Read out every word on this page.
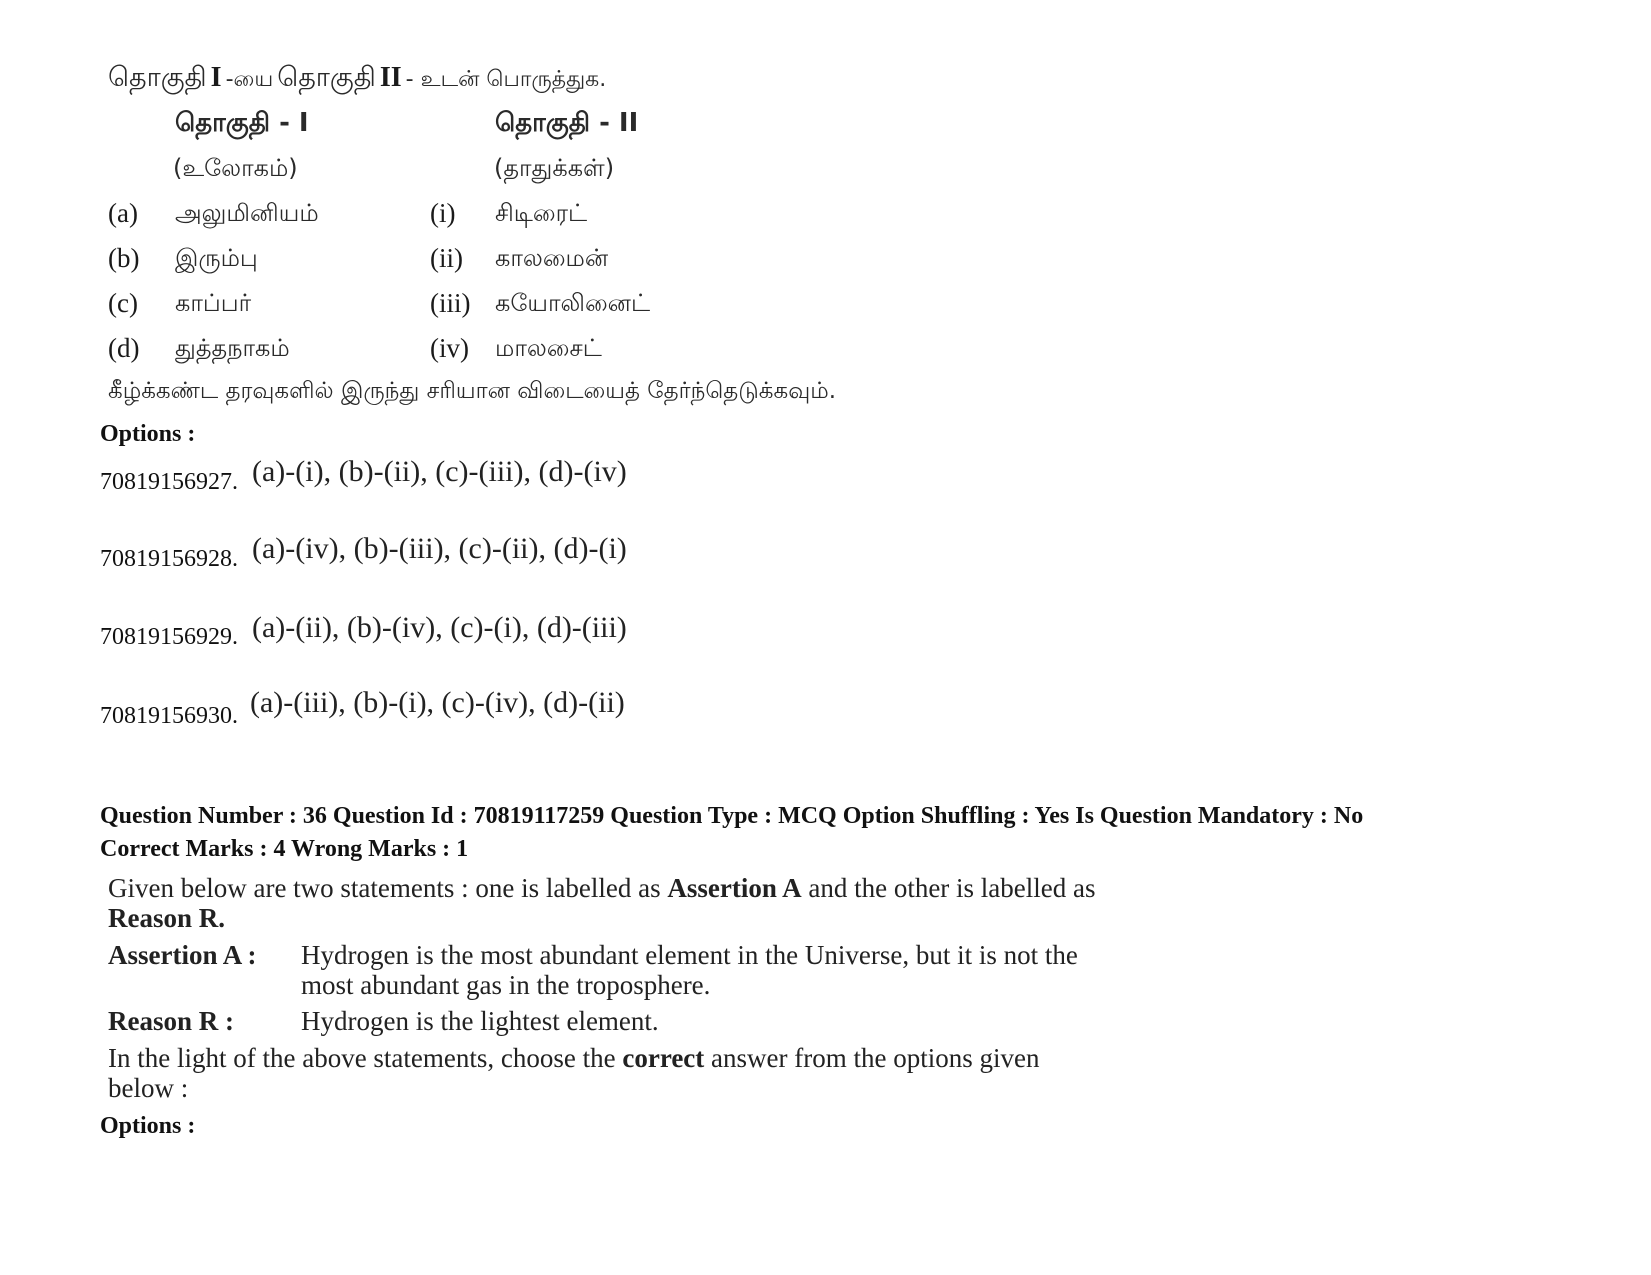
தொகுதி I -யை தொகுதி II - உடன் பொருத்துக.
தொகுதி - I	தொகுதி - II
(உலோகம்)	(தாதுக்கள்)
(a) அலுமினியம்	(i) சிடிரைட்
(b) இரும்பு	(ii) காலமைன்
(c) காப்பர்	(iii) கயோலினைட்
(d) துத்தநாகம்	(iv) மாலசைட்
கீழ்க்கண்ட தரவுகளில் இருந்து சரியான விடையைத் தேர்ந்தெடுக்கவும்.
Options :
70819156927. (a)-(i), (b)-(ii), (c)-(iii), (d)-(iv)
70819156928. (a)-(iv), (b)-(iii), (c)-(ii), (d)-(i)
70819156929. (a)-(ii), (b)-(iv), (c)-(i), (d)-(iii)
70819156930. (a)-(iii), (b)-(i), (c)-(iv), (d)-(ii)
Question Number : 36 Question Id : 70819117259 Question Type : MCQ Option Shuffling : Yes Is Question Mandatory : No
Correct Marks : 4 Wrong Marks : 1
Given below are two statements : one is labelled as Assertion A and the other is labelled as
Reason R.
Assertion A : Hydrogen is the most abundant element in the Universe, but it is not the
most abundant gas in the troposphere.
Reason R : Hydrogen is the lightest element.
In the light of the above statements, choose the correct answer from the options given
below :
Options :
